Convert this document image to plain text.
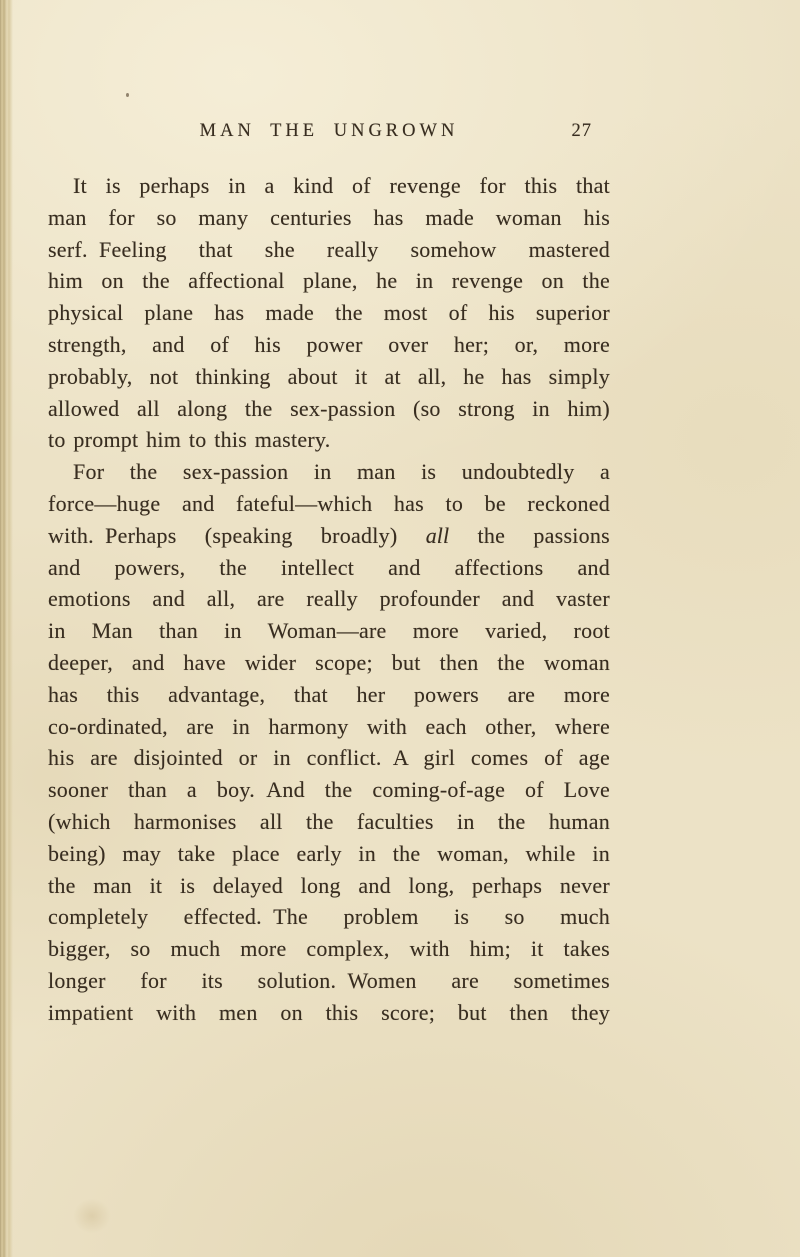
MAN THE UNGROWN	27
It is perhaps in a kind of revenge for this that
man for so many centuries has made woman his
serf. Feeling that she really somehow mastered
him on the affectional plane, he in revenge on the
physical plane has made the most of his superior
strength, and of his power over her; or, more
probably, not thinking about it at all, he has simply
allowed all along the sex-passion (so strong in him)
to prompt him to this mastery.
For the sex-passion in man is undoubtedly a
force—huge and fateful—which has to be reckoned
with. Perhaps (speaking broadly) all the passions
and powers, the intellect and affections and
emotions and all, are really profounder and vaster
in Man than in Woman—are more varied, root
deeper, and have wider scope; but then the woman
has this advantage, that her powers are more
co-ordinated, are in harmony with each other, where
his are disjointed or in conflict. A girl comes of age
sooner than a boy. And the coming-of-age of Love
(which harmonises all the faculties in the human
being) may take place early in the woman, while in
the man it is delayed long and long, perhaps never
completely effected. The problem is so much
bigger, so much more complex, with him; it takes
longer for its solution. Women are sometimes
impatient with men on this score; but then they
